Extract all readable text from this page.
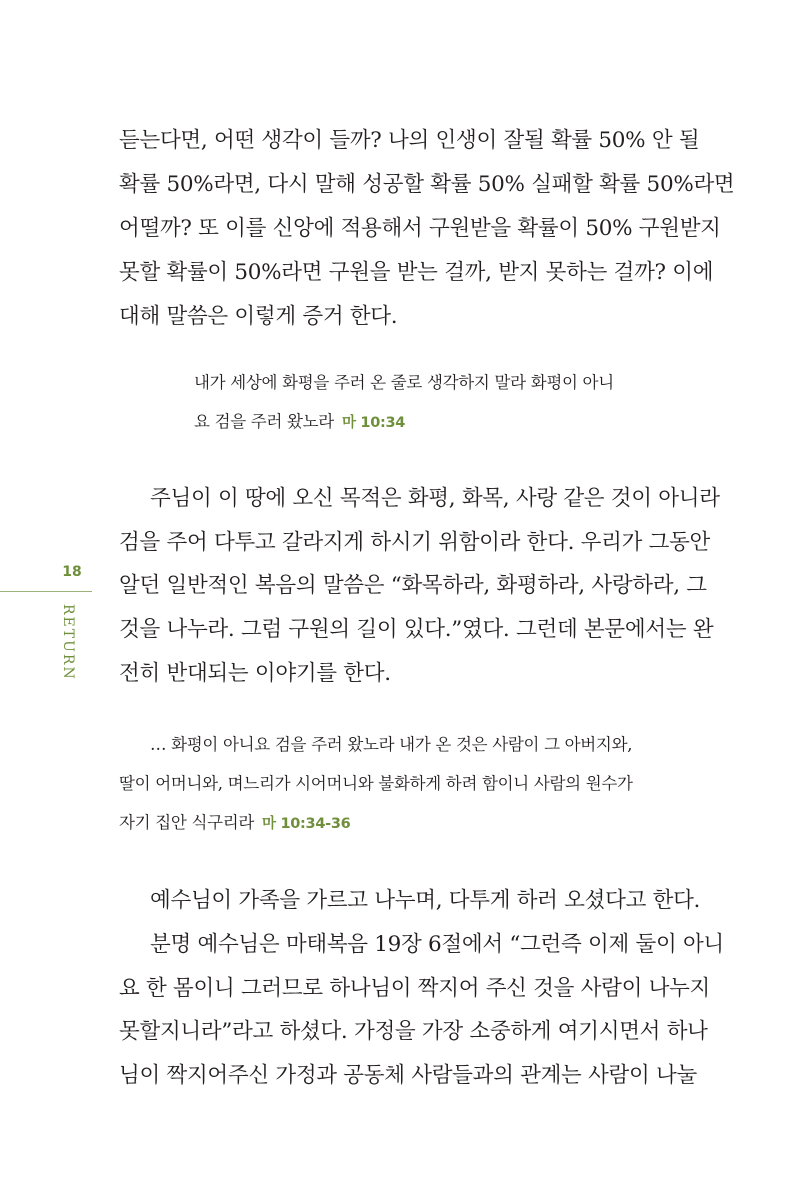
듣는다면, 어떤 생각이 들까? 나의 인생이 잘될 확률 50% 안 될
확률 50%라면, 다시 말해 성공할 확률 50% 실패할 확률 50%라면
어떨까? 또 이를 신앙에 적용해서 구원받을 확률이 50% 구원받지
못할 확률이 50%라면 구원을 받는 걸까, 받지 못하는 걸까? 이에
대해 말씀은 이렇게 증거 한다.
내가 세상에 화평을 주러 온 줄로 생각하지 말라 화평이 아니
요 검을 주러 왔노라 마 10:34
주님이 이 땅에 오신 목적은 화평, 화목, 사랑 같은 것이 아니라
검을 주어 다투고 갈라지게 하시기 위함이라 한다. 우리가 그동안
알던 일반적인 복음의 말씀은 “화목하라, 화평하라, 사랑하라, 그
것을 나누라. 그럼 구원의 길이 있다.”였다. 그런데 본문에서는 완
전히 반대되는 이야기를 한다.
… 화평이 아니요 검을 주러 왔노라 내가 온 것은 사람이 그 아버지와,
딸이 어머니와, 며느리가 시어머니와 불화하게 하려 함이니 사람의 원수가
자기 집안 식구리라 마 10:34-36
예수님이 가족을 가르고 나누며, 다투게 하러 오셨다고 한다.
분명 예수님은 마태복음 19장 6절에서 “그런즉 이제 둘이 아니
요 한 몸이니 그러므로 하나님이 짝지어 주신 것을 사람이 나누지
못할지니라”라고 하셨다. 가정을 가장 소중하게 여기시면서 하나
님이 짝지어주신 가정과 공동체 사람들과의 관계는 사람이 나눌
18
RETURN
